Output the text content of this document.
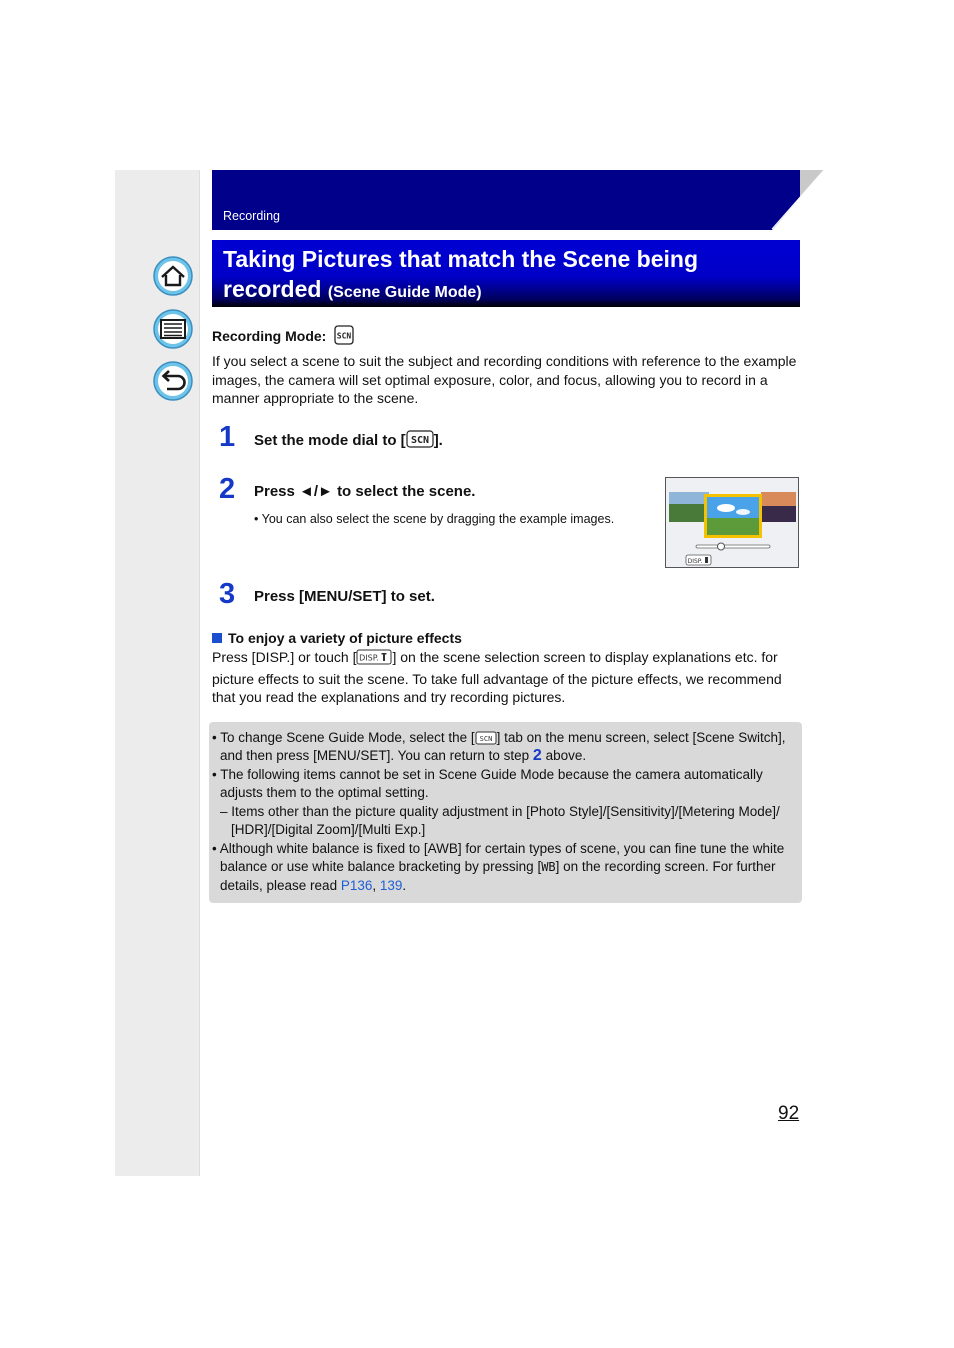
Recording
Taking Pictures that match the Scene being recorded (Scene Guide Mode)
Recording Mode: SCN
If you select a scene to suit the subject and recording conditions with reference to the example images, the camera will set optimal exposure, color, and focus, allowing you to record in a manner appropriate to the scene.
1 Set the mode dial to [ SCN ].
2 Press ◄/► to select the scene.
• You can also select the scene by dragging the example images.
DISP.
3 Press [MENU/SET] to set.
To enjoy a variety of picture effects
Press [DISP.] or touch [ DISP. ] on the scene selection screen to display explanations etc. for picture effects to suit the scene. To take full advantage of the picture effects, we recommend that you read the explanations and try recording pictures.
• To change Scene Guide Mode, select the [ SCN ] tab on the menu screen, select [Scene Switch],
and then press [MENU/SET]. You can return to step 2 above.
• The following items cannot be set in Scene Guide Mode because the camera automatically
adjusts them to the optimal setting.
– Items other than the picture quality adjustment in [Photo Style]/[Sensitivity]/[Metering Mode]/
[HDR]/[Digital Zoom]/[Multi Exp.]
• Although white balance is fixed to [AWB] for certain types of scene, you can fine tune the white
balance or use white balance bracketing by pressing [WB] on the recording screen. For further
details, please read P136, 139.
92
